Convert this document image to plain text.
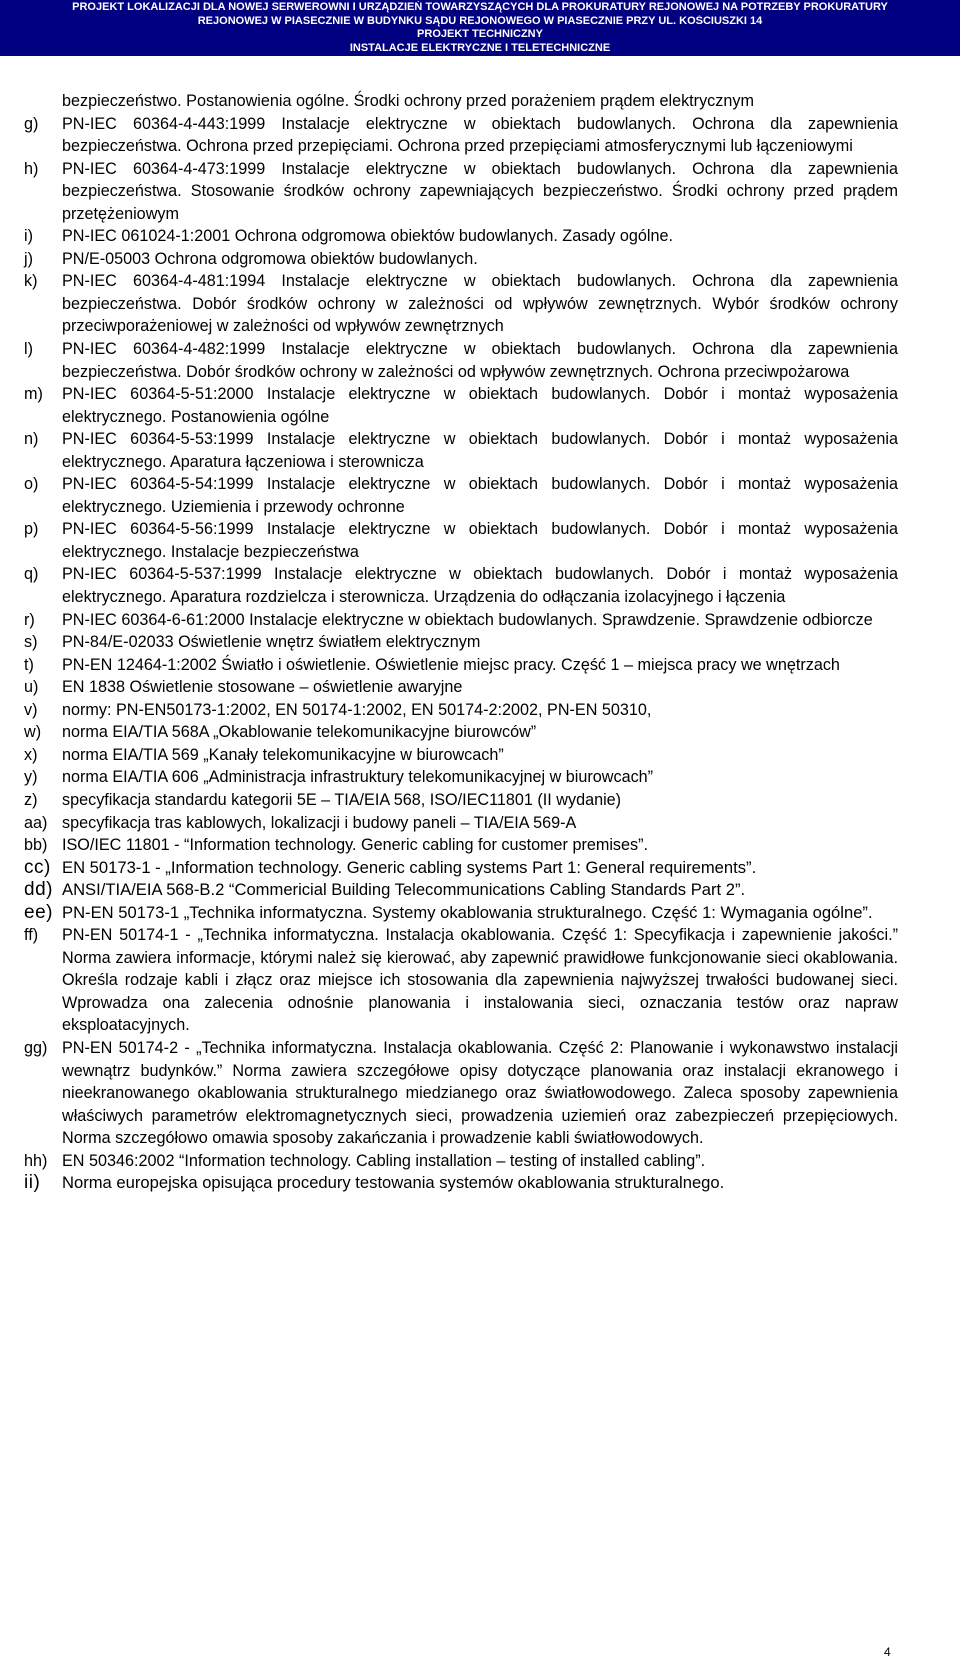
PROJEKT LOKALIZACJI DLA NOWEJ SERWEROWNI I URZĄDZIEŃ TOWARZYSZĄCYCH DLA PROKURATURY REJONOWEJ NA POTRZEBY PROKURATURY
REJONOWEJ W PIASECZNIE W BUDYNKU SĄDU REJONOWEGO W PIASECZNIE PRZY UL. KOŚCIUSZKI 14
PROJEKT TECHNICZNY
INSTALACJE ELEKTRYCZNE I TELETECHNICZNE
bezpieczeństwo. Postanowienia ogólne. Środki ochrony przed porażeniem prądem elektrycznym
g) PN-IEC 60364-4-443:1999 Instalacje elektryczne w obiektach budowlanych. Ochrona dla zapewnienia bezpieczeństwa. Ochrona przed przepięciami. Ochrona przed przepięciami atmosferycznymi lub łączeniowymi
h) PN-IEC 60364-4-473:1999 Instalacje elektryczne w obiektach budowlanych. Ochrona dla zapewnienia bezpieczeństwa. Stosowanie środków ochrony zapewniających bezpieczeństwo. Środki ochrony przed prądem przetężeniowym
i) PN-IEC 061024-1:2001 Ochrona odgromowa obiektów budowlanych. Zasady ogólne.
j) PN/E-05003 Ochrona odgromowa obiektów budowlanych.
k) PN-IEC 60364-4-481:1994 Instalacje elektryczne w obiektach budowlanych. Ochrona dla zapewnienia bezpieczeństwa. Dobór środków ochrony w zależności od wpływów zewnętrznych. Wybór środków ochrony przeciwporażeniowej w zależności od wpływów zewnętrznych
l) PN-IEC 60364-4-482:1999 Instalacje elektryczne w obiektach budowlanych. Ochrona dla zapewnienia bezpieczeństwa. Dobór środków ochrony w zależności od wpływów zewnętrznych. Ochrona przeciwpożarowa
m) PN-IEC 60364-5-51:2000 Instalacje elektryczne w obiektach budowlanych. Dobór i montaż wyposażenia elektrycznego. Postanowienia ogólne
n) PN-IEC 60364-5-53:1999 Instalacje elektryczne w obiektach budowlanych. Dobór i montaż wyposażenia elektrycznego. Aparatura łączeniowa i sterownicza
o) PN-IEC 60364-5-54:1999 Instalacje elektryczne w obiektach budowlanych. Dobór i montaż wyposażenia elektrycznego. Uziemienia i przewody ochronne
p) PN-IEC 60364-5-56:1999 Instalacje elektryczne w obiektach budowlanych. Dobór i montaż wyposażenia elektrycznego. Instalacje bezpieczeństwa
q) PN-IEC 60364-5-537:1999 Instalacje elektryczne w obiektach budowlanych. Dobór i montaż wyposażenia elektrycznego. Aparatura rozdzielcza i sterownicza. Urządzenia do odłączania izolacyjnego i łączenia
r) PN-IEC 60364-6-61:2000 Instalacje elektryczne w obiektach budowlanych. Sprawdzenie. Sprawdzenie odbiorcze
s) PN-84/E-02033 Oświetlenie wnętrz światłem elektrycznym
t) PN-EN 12464-1:2002 Światło i oświetlenie. Oświetlenie miejsc pracy. Część 1 – miejsca pracy we wnętrzach
u) EN 1838 Oświetlenie stosowane – oświetlenie awaryjne
v) normy: PN-EN50173-1:2002, EN 50174-1:2002, EN 50174-2:2002, PN-EN 50310,
w) norma EIA/TIA 568A „Okablowanie telekomunikacyjne biurowców”
x) norma EIA/TIA 569 „Kanały telekomunikacyjne w biurowcach”
y) norma EIA/TIA 606 „Administracja infrastruktury telekomunikacyjnej w biurowcach”
z) specyfikacja standardu kategorii 5E – TIA/EIA 568, ISO/IEC11801 (II wydanie)
aa) specyfikacja tras kablowych, lokalizacji i budowy paneli – TIA/EIA 569-A
bb) ISO/IEC 11801 - “Information technology. Generic cabling for customer premises”.
cc) EN 50173-1 - „Information technology. Generic cabling systems Part 1: General requirements”.
dd) ANSI/TIA/EIA 568-B.2 “Commericial Building Telecommunications Cabling Standards Part 2”.
ee) PN-EN 50173-1 „Technika informatyczna. Systemy okablowania strukturalnego. Część 1: Wymagania ogólne”.
ff) PN-EN 50174-1 - „Technika informatyczna. Instalacja okablowania. Część 1: Specyfikacja i zapewnienie jakości.” Norma zawiera informacje, którymi należ się kierować, aby zapewnić prawidłowe funkcjonowanie sieci okablowania. Określa rodzaje kabli i złącz oraz miejsce ich stosowania dla zapewnienia najwyższej trwałości budowanej sieci. Wprowadza ona zalecenia odnośnie planowania i instalowania sieci, oznaczania testów oraz napraw eksploatacyjnych.
gg) PN-EN 50174-2 - „Technika informatyczna. Instalacja okablowania. Część 2: Planowanie i wykonawstwo instalacji wewnątrz budynków.” Norma zawiera szczegółowe opisy dotyczące planowania oraz instalacji ekranowego i nieekranowanego okablowania strukturalnego miedzianego oraz światłowodowego. Zaleca sposoby zapewnienia właściwych parametrów elektromagnetycznych sieci, prowadzenia uziemień oraz zabezpieczeń przepięciowych. Norma szczegółowo omawia sposoby zakańczania i prowadzenie kabli światłowodowych.
hh) EN 50346:2002 “Information technology. Cabling installation – testing of installed cabling”.
ii) Norma europejska opisująca procedury testowania systemów okablowania strukturalnego.
4
